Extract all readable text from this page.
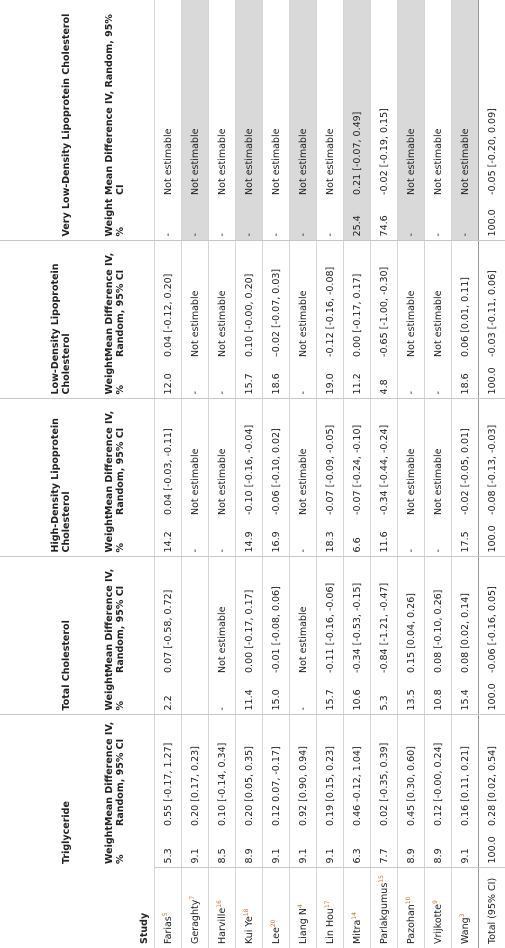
Study	Triglyceride		Total Cholesterol		High-Density Lipoprotein Cholesterol		Low-Density Lipoprotein Cholesterol		Very Low-Density Lipoprotein Cholesterol	
	Weight %	Mean Difference IV, Random, 95% CI	Weight %	Mean Difference IV, Random, 95% CI	Weight %	Mean Difference IV, Random, 95% CI	Weight %	Mean Difference IV, Random, 95% CI	Weight %	Mean Difference IV, Random, 95% CI
Farias$^5$	5.3	0.55 [-0.17, 1.27]	2.2	0.07 [-0.58, 0.72]	14.2	0.04 [-0.03, -0.11]	12.0	0.04 [-0.12, 0.20]	-	Not estimable
Geraghty$^7$	9.1	0.20 [0.17, 0.23]			-	Not estimable	-	Not estimable	-	Not estimable
Harville$^{16}$	8.5	0.10 [-0.14, 0.34]	-	Not estimable	-	Not estimable	-	Not estimable	-	Not estimable
Kui Ye$^{18}$	8.9	0.20 [0.05, 0.35]	11.4	0.00 [-0.17, 0.17]	14.9	-0.10 [-0.16, -0.04]	15.7	0.10 [-0.00, 0.20]	-	Not estimable
Lee$^{20}$	9.1	0.12 0.07, -0.17]	15.0	-0.01 [-0.08, 0.06]	16.9	-0.06 [-0.10, 0.02]	18.6	–0.02 [-0.07, 0.03]	-	Not estimable
Liang $N^4$	9.1	0.92 [0.90, 0.94]	-	Not estimable	-	Not estimable	-	Not estimable	-	Not estimable
Lin Hou$^{17}$	9.1	0.19 [0.15, 0.23]	15.7	-0.11 [-0.16, -0.06]	18.3	-0.07 [-0.09, -0.05]	19.0	-0.12 [-0.16, -0.08]	-	Not estimable
Mitra$^{14}$	6.3	0.46 -0.12, 1.04]	10.6	-0.34 [-0.53, -0.15]	6.6	-0.07 [-0.24, -0.10]	11.2	0.00 [-0.17, 0.17]	25.4	0.21 [-0.07, 0.49]
Parlakgumus$^{15}$	7.7	0.02 [-0.35, 0.39]	5.3	-0.84 [-1.21, -0.47]	11.6	-0.34 [-0.44, -0.24]	4.8	-0.65 [-1.00, -0.30]	74.6	-0.02 [-0.19, 0.15]
Pazohan$^{10}$	8.9	0.45 [0.30, 0.60]	13.5	0.15 [0.04, 0.26]	-	Not estimable	-	Not estimable	-	Not estimable
Vrijkotte$^9$	8.9	0.12 [-0.00, 0.24]	10.8	0.08 [-0.10, 0.26]	-	Not estimable	-	Not estimable	-	Not estimable
Wang$^3$	9.1	0.16 [0.11, 0.21]	15.4	0.08 [0.02, 0.14]	17.5	-0.02 [-0.05, 0.01]	18.6	0.06 [0.01, 0.11]	-	Not estimable
Total (95% CI)	100.0	0.28 [0.02, 0.54]	100.0	-0.06 [-0.16, 0.05]	100.0	-0.08 [-0.13, -0.03]	100.0	-0.03 [-0.11, 0.06]	100.0	-0.05 [-0.20, 0.09]
